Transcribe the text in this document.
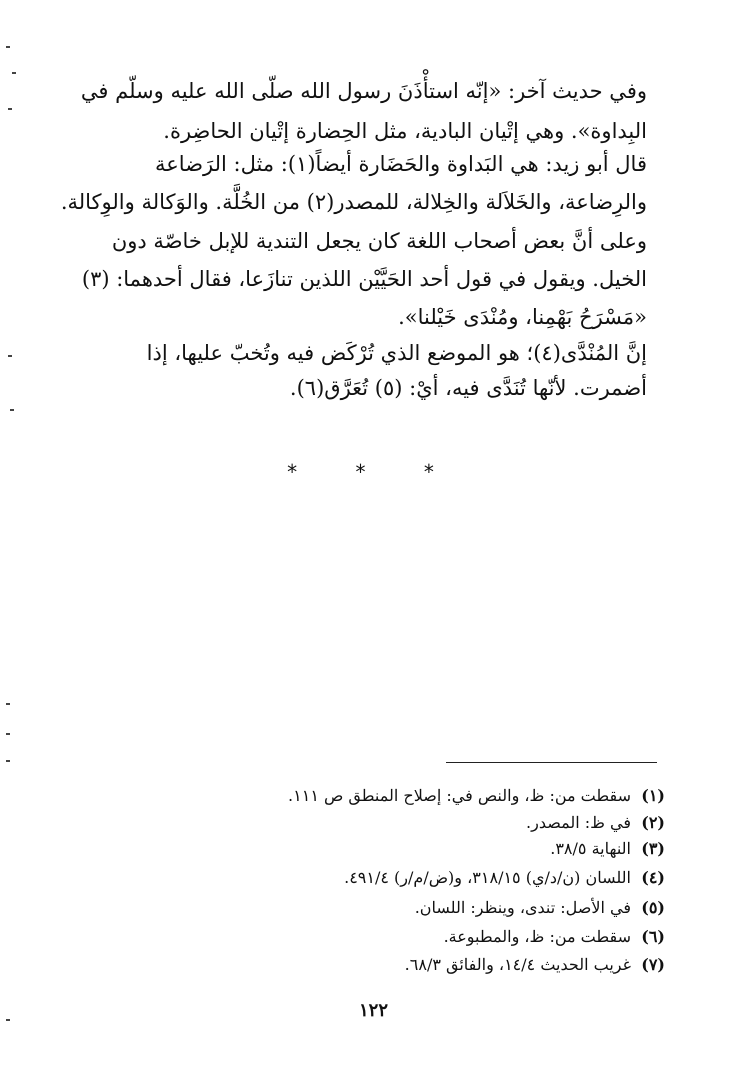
وفي حديث آخر: «إنّه استأْذَنَ رسول الله صلّى الله عليه وسلّم في
البِداوة». وهي إتْيان البادية، مثل الحِضارة إتْيان الحاضِرة.
قال أبو زيد: هي البَداوة والحَضَارة أيضاً(١): مثل: الرَضاعة
والرِضاعة، والخَلاَلة والخِلالة، للمصدر(٢) من الخُلَّة. والوَكالة والوِكالة.
وعلى أنَّ بعض أصحاب اللغة كان يجعل التندية للإبل خاصّة دون
الخيل. ويقول في قول أحد الحَيَّيْن اللذين تنازَعا، فقال أحدهما: (٣)
«مَسْرَحُ بَهْمِنا، ومُنْدَى خَيْلنا».
إنَّ المُنْدَّى(٤)؛ هو الموضع الذي تُرْكَض فيه وتُخبّ عليها، إذا
أضمرت. لأنّها تُنَدَّى فيه، أيْ: (٥) تُعَرَّق(٦).
* * *
(١)سقطت من: ظ، والنص في: إصلاح المنطق ص ١١١.
(٢)في ظ: المصدر.
(٣)النهاية ٣٨/٥.
(٤)اللسان (ن/د/ي) ٣١٨/١٥، و(ض/م/ر) ٤٩١/٤.
(٥)في الأصل: تندى، وينظر: اللسان.
(٦)سقطت من: ظ، والمطبوعة.
(٧)غريب الحديث ١٤/٤، والفائق ٦٨/٣.
١٢٢
